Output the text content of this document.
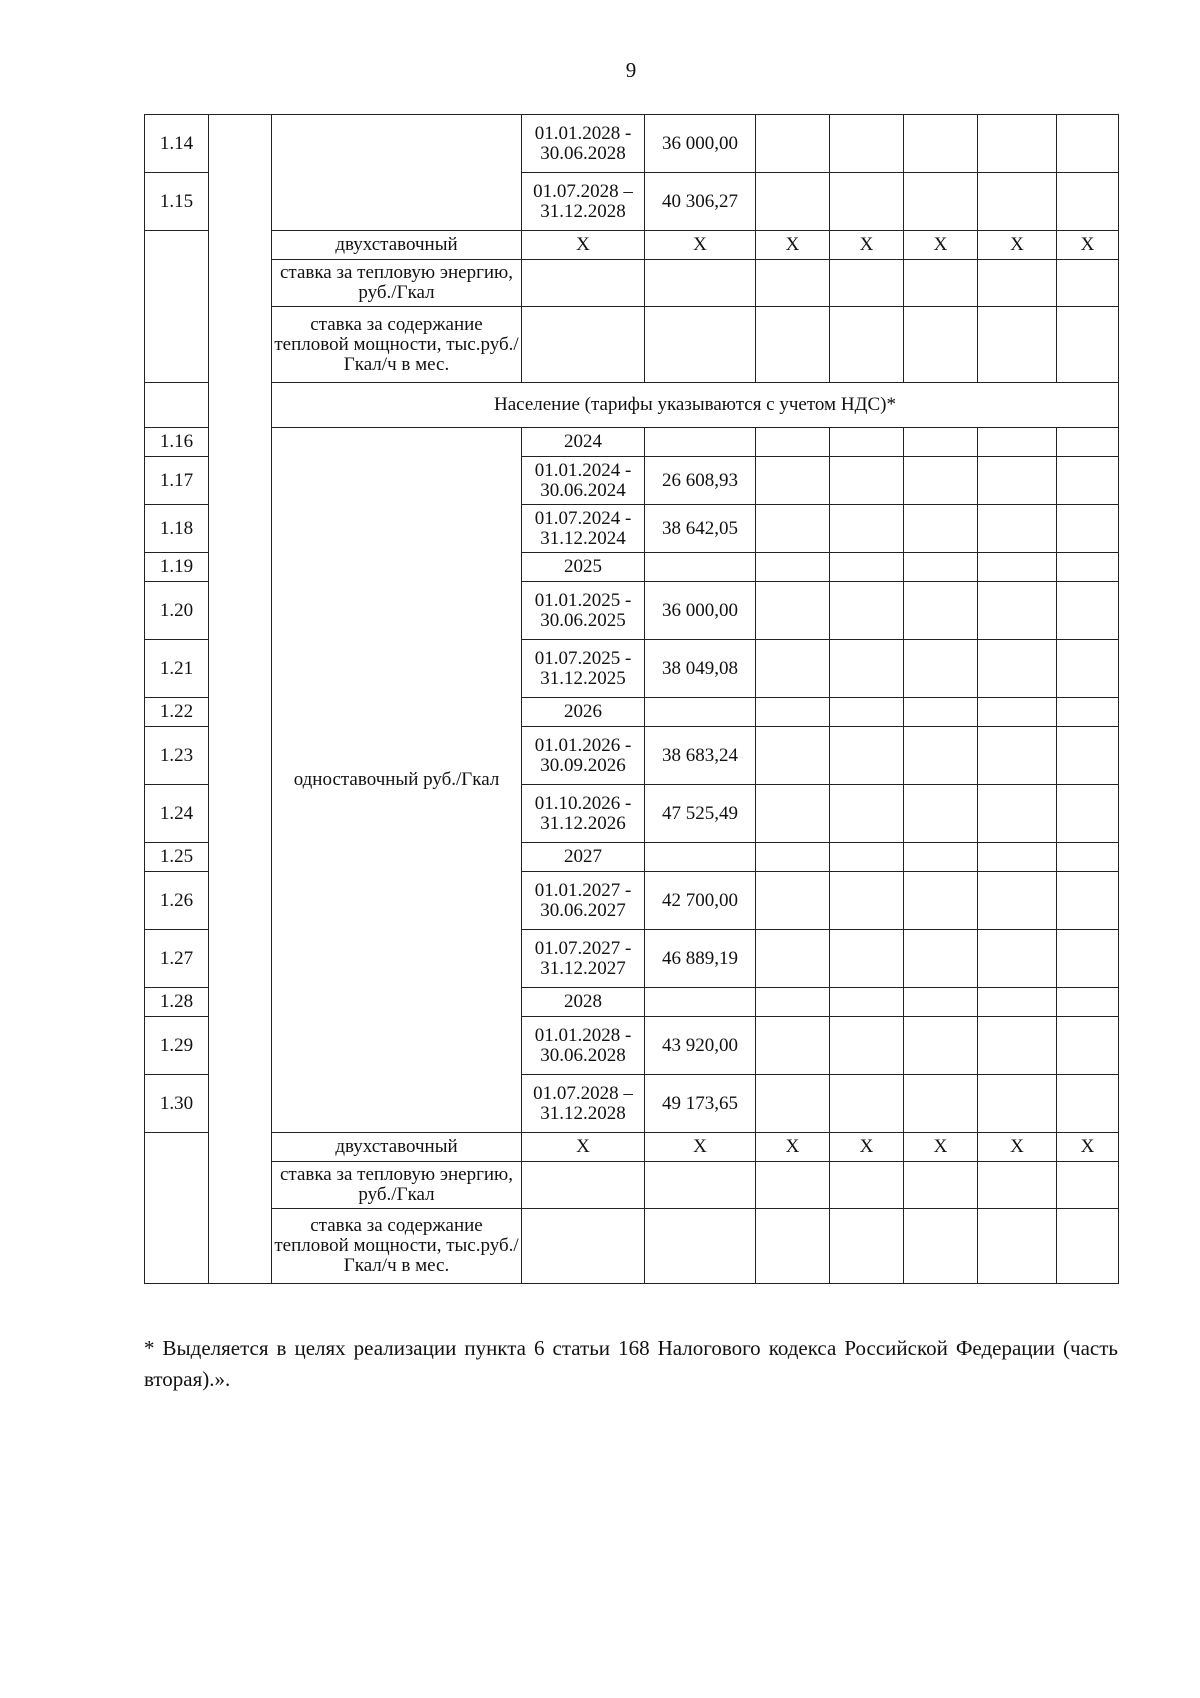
9
1.14			01.01.2028 - 30.06.2028	36 000,00					
1.15			01.07.2028 – 31.12.2028	40 306,27					
		двухставочный	Х	Х	Х	Х	Х	Х	Х
		ставка за тепловую энергию, руб./Гкал							
		ставка за содержание тепловой мощности, тыс.руб./Гкал/ч в мес.							
		Население (тарифы указываются с учетом НДС)*							
1.16		одноставочный руб./Гкал	2024						
1.17			01.01.2024 - 30.06.2024	26 608,93					
1.18			01.07.2024 - 31.12.2024	38 642,05					
1.19			2025						
1.20			01.01.2025 - 30.06.2025	36 000,00					
1.21			01.07.2025 - 31.12.2025	38 049,08					
1.22			2026						
1.23			01.01.2026 - 30.09.2026	38 683,24					
1.24			01.10.2026 - 31.12.2026	47 525,49					
1.25			2027						
1.26			01.01.2027 - 30.06.2027	42 700,00					
1.27			01.07.2027 - 31.12.2027	46 889,19					
1.28			2028						
1.29			01.01.2028 - 30.06.2028	43 920,00					
1.30			01.07.2028 – 31.12.2028	49 173,65					
		двухставочный	Х	Х	Х	Х	Х	Х	Х
		ставка за тепловую энергию, руб./Гкал							
		ставка за содержание тепловой мощности, тыс.руб./Гкал/ч в мес.							

* Выделяется в целях реализации пункта 6 статьи 168 Налогового кодекса Российской Федерации (часть вторая).».
